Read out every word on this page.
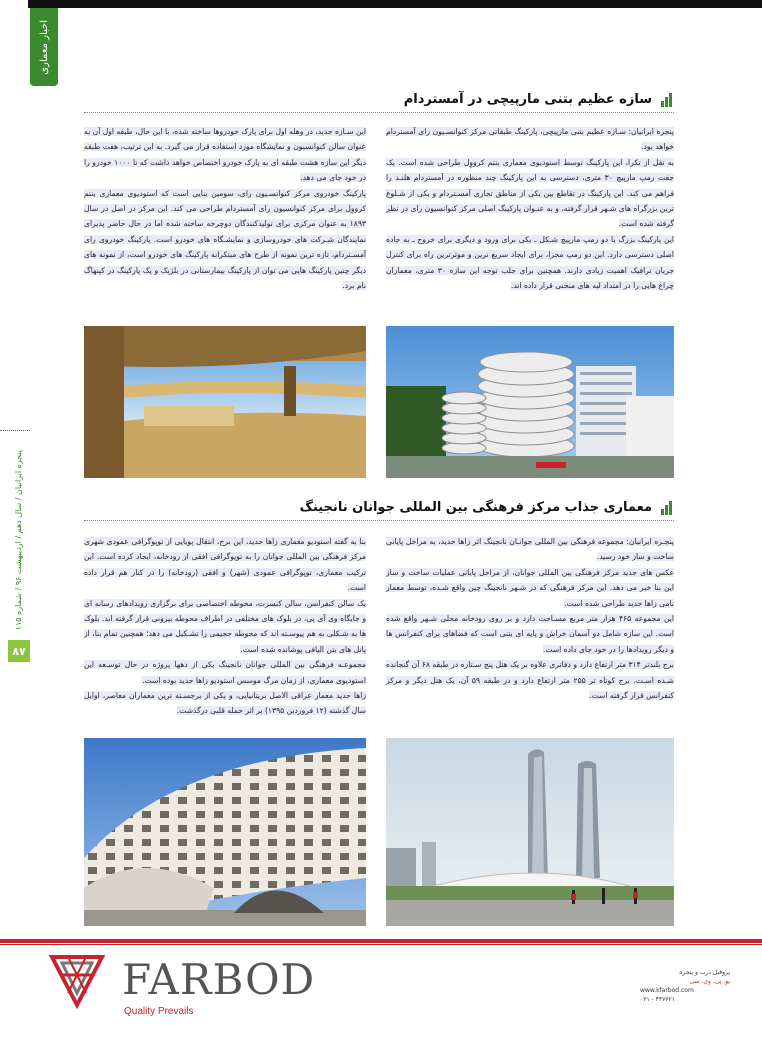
اخبار معماری
پنجره ایرانیان / سال دهم / اردیبهشت ۹۶ / شماره ۱۱۵
۸۷
سازه عظیم بتنی مارپیچی در آمستردام

پنجره ایرانیان: سـازه عظیم بتنی مارپیچی، پارکینگ طبقاتی مرکز کنوانسـیون رای آمستردام خواهد بود.

به نقل از تکرا، این پارکینگ توسط استودیوی معماری بنتم کرووِل طراحی شده است. یک جفت رمپ مارپیچ ۳۰ متری، دسترسی به این پارکینگ چند منظوره در آمستردام هلنـد را فراهم می کند. این پارکینگ در تقاطع بین یکی از مناطق تجاری آمسـتردام و یکی از شـلوغ ترین بزرگراه های شـهر قرار گرفته، و به عنـوان پارکینگ اصلی مرکز کنوانسیون رای در نظر گرفته شده است.

این پارکینگ بزرگ با دو رمپ مارپیچ شـکل ـ یکی برای ورود و دیگری برای خروج ـ به جاده اصلی دسترسی دارد. این دو رمپ مجزا، برای ایجاد سریع ترین و موثرترین راه برای کنترل جریان ترافیک اهمیت زیادی دارند. همچنین برای جلب توجه این سازه ۳۰ متری، معماران چراغ هایی را در امتداد لبه های منحنی قرار داده اند.

این سـازه جدید، در وهله اول برای پارک خودروها ساخته شده، با این حال، طبقه اول آن به عنوان سالن کنوانسیون و نمایشگاه مورد استفاده قرار می گیرد. به این ترتیب، هفت طبقه دیگر این سازه هشت طبقه ای به پارک خودرو اختصاص خواهد داشت که تا ۱۰۰۰ خودرو را در خود جای می دهد.

پارکینگ خودروی مرکز کنوانسـیون رای، سومین بنایی است که استودیوی معماری بنتم کرووِل برای مرکز کنوانسیون رای آمستردام طراحی می کند. این مرکز در اصل در سال ۱۸۹۳ به عنوان مرکزی برای تولیدکنندگان دوچرخه ساخته شده اما در حال حاضر پذیرای نمایندگان شـرکت های خودروسازی و نمایشـگاه های خودرو است. پارکینگ خودروی رای آمسـتردام، تازه ترین نمونه از طرح های مبتکرانه پارکینگ های خودرو است، از نمونه های دیگر چنین پارکینگ هایی می توان از پارکینگ بیمارستانی در بلژیک و یک پارکینگ در کپنهاگ نام برد.

معماری جذاب مرکز فرهنگی بین المللی جوانان نانجینگ

پنجـره ایرانیان: مجموعه فرهنگی بین المللی جوانـان نانجینگ اثر زاها حدید، به مراحل پایانی ساخت و ساز خود رسید.

عکس های جدید مرکز فرهنگی بین المللی جوانان، از مراحل پایانی عملیات ساخت و ساز این بنا خبر می دهد. این مرکز فرهنگی که در شـهر نانجینگ چین واقع شـده، توسط معمار نامی زاها حدید طراحی شده است.

این مجموعه ۴۶۵ هزار متر مربع مسـاحت دارد و بر روی رودخانه محلی شـهر واقع شده است. این سازه شامل دو آسمان خراش و پایه ای بتنی است که فضاهای برای کنفرانس ها و دیگر رویدادها را در خود جای داده است.

برج بلندتر ۳۱۴ متر ارتفاع دارد و دفاتری علاوه بر یک هتل پنج سـتاره در طبقه ۶۸ آن گنجانده شـده اسـت. برج کوتاه تر ۲۵۵ متر ارتفاع دارد و در طبقه ۵۹ آن، یک هتل دیگر و مرکز کنفرانس قرار گرفته است.

بنا به گفته استودیو معماری زاها حدید، این برج، انتقال پویایی از توپوگرافی عمودی شهری مرکز فرهنگی بین المللی جوانان را به توپوگرافی افقی از رودخانه، ایجاد کرده است. این ترکیب معماری، توپوگرافی عمودی (شهر) و افقی (رودخانه) را در کنار هم قرار داده است.

یک سالن کنفرانس، سالن کنسرت، محوطه اختصاصی برای برگزاری رویدادهای رسانه ای و جایگاه وی آی پی، در بلوک های مختلفی در اطراف محوطه بیرونی قرار گرفته اند. بلوک ها به شـکلی به هم پیوسـته اند که محوطه حجیمی را تشـکیل می دهد؛ همچنین تمام بنا، از پانل های بتن الیافی پوشانده شده است.

مجموعـه فرهنگی بین المللی جوانان نانجینگ یکی از دهها پروژه در حال توسـعه این استودیوی معماری، از زمان مرگ موسس استودیو زاها حدید بوده است.

زاها حدید معمار عراقی الاصل بریتانیایی، و یکی از برجسـته ترین معماران معاصر، اوایل سال گذشته (۱۲ فروردین ۱۳۹۵) بر اثر حمله قلبی درگذشت.

FARBOD
Quality Prevails
پروفیل درب و پنجره
یو. پی. وی. سی
www.kfarbod.com
۰۲۱ - ۴۴۷۶۲۱
